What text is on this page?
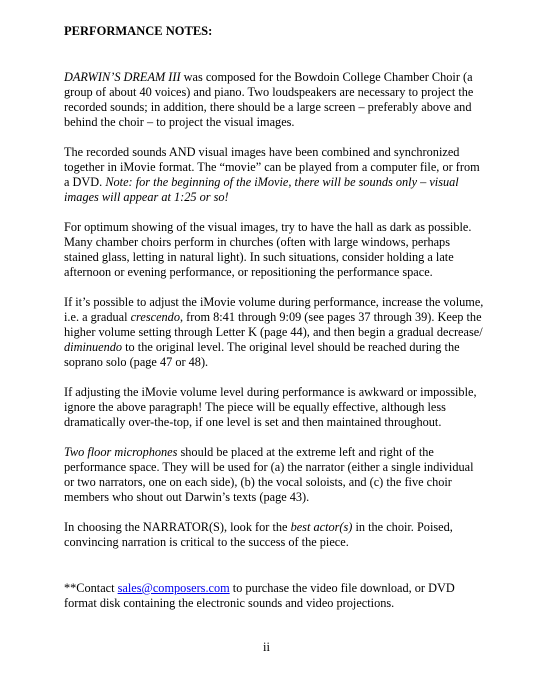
PERFORMANCE NOTES:

DARWIN’S DREAM III was composed for the Bowdoin College Chamber Choir (a group of about 40 voices) and piano. Two loudspeakers are necessary to project the recorded sounds; in addition, there should be a large screen – preferably above and behind the choir – to project the visual images.

The recorded sounds AND visual images have been combined and synchronized together in iMovie format. The “movie” can be played from a computer file, or from a DVD. Note: for the beginning of the iMovie, there will be sounds only – visual images will appear at 1:25 or so!

For optimum showing of the visual images, try to have the hall as dark as possible. Many chamber choirs perform in churches (often with large windows, perhaps stained glass, letting in natural light). In such situations, consider holding a late afternoon or evening performance, or repositioning the performance space.

If it’s possible to adjust the iMovie volume during performance, increase the volume, i.e. a gradual crescendo, from 8:41 through 9:09 (see pages 37 through 39). Keep the higher volume setting through Letter K (page 44), and then begin a gradual decrease/ diminuendo to the original level. The original level should be reached during the soprano solo (page 47 or 48).

If adjusting the iMovie volume level during performance is awkward or impossible, ignore the above paragraph! The piece will be equally effective, although less dramatically over-the-top, if one level is set and then maintained throughout.

Two floor microphones should be placed at the extreme left and right of the performance space. They will be used for (a) the narrator (either a single individual or two narrators, one on each side), (b) the vocal soloists, and (c) the five choir members who shout out Darwin’s texts (page 43).

In choosing the NARRATOR(S), look for the best actor(s) in the choir. Poised, convincing narration is critical to the success of the piece.

**Contact sales@composers.com to purchase the video file download, or DVD format disk containing the electronic sounds and video projections.

ii
